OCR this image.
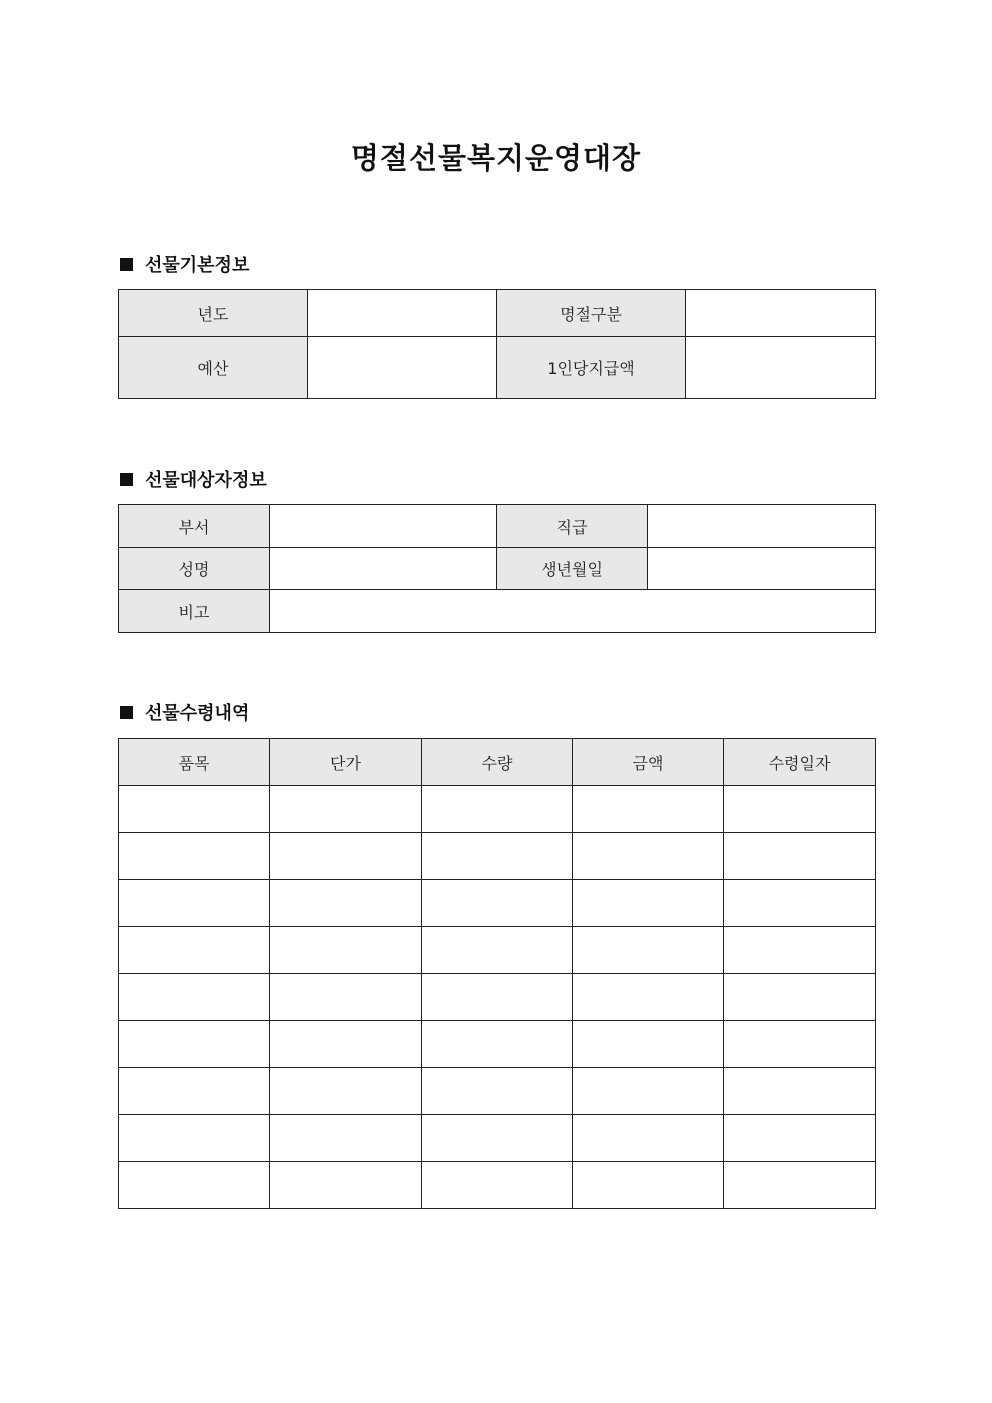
명절선물복지운영대장
선물기본정보
년도		명절구분	
예산		1인당지급액	
선물대상자정보
부서		직급	
성명		생년월일	
비고			
선물수령내역
품목	단가	수량	금액	수령일자
